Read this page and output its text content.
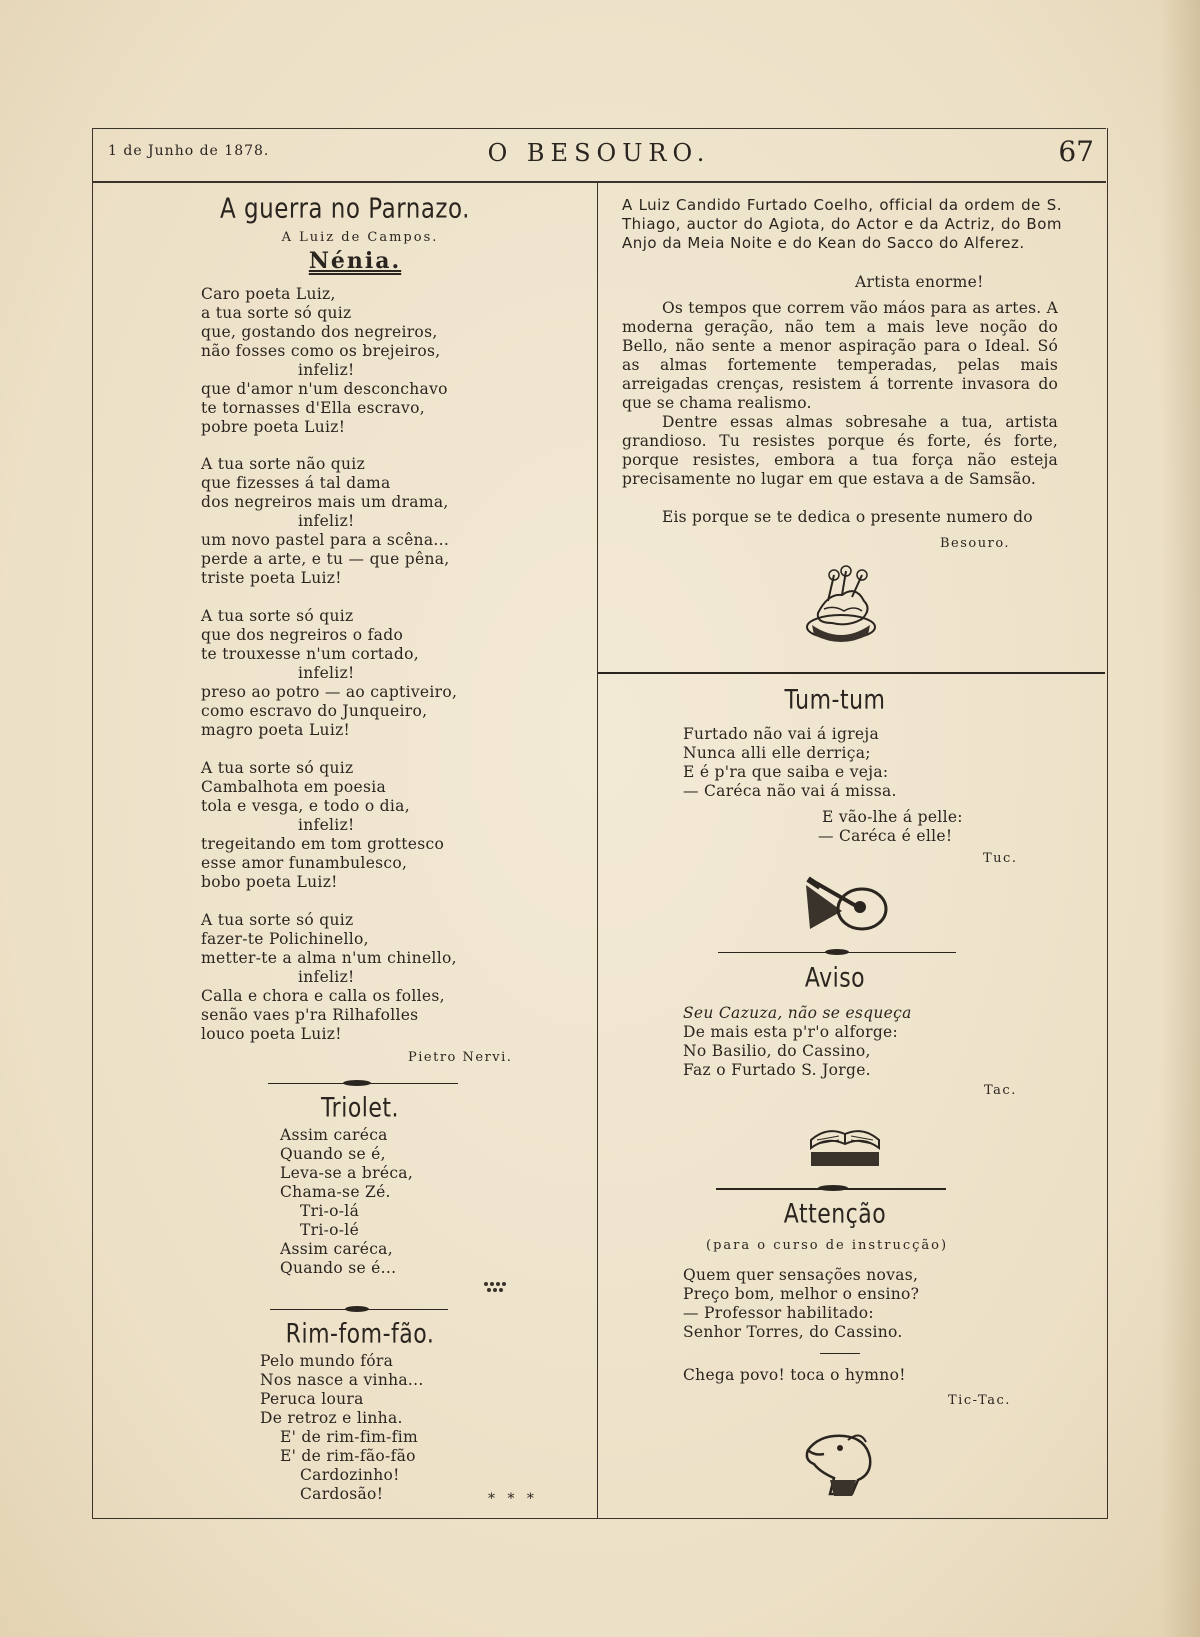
1 de Junho de 1878.	O BESOURO.	67
A guerra no Parnazo.
A Luiz de Campos.
Nénia.
Caro poeta Luiz,
a tua sorte só quiz
que, gostando dos negreiros,
não fosses como os brejeiros,
infeliz!
que d'amor n'um desconchavo
te tornasses d'Ella escravo,
pobre poeta Luiz!
A tua sorte não quiz
que fizesses á tal dama
dos negreiros mais um drama,
infeliz!
um novo pastel para a scêna...
perde a arte, e tu — que pêna,
triste poeta Luiz!
A tua sorte só quiz
que dos negreiros o fado
te trouxesse n'um cortado,
infeliz!
preso ao potro — ao captiveiro,
como escravo do Junqueiro,
magro poeta Luiz!
A tua sorte só quiz
Cambalhota em poesia
tola e vesga, e todo o dia,
infeliz!
tregeitando em tom grottesco
esse amor funambulesco,
bobo poeta Luiz!
A tua sorte só quiz
fazer-te Polichinello,
metter-te a alma n'um chinello,
infeliz!
Calla e chora e calla os folles,
senão vaes p'ra Rilhafolles
louco poeta Luiz!
Pietro Nervi.
Triolet.
Assim caréca
Quando se é,
Leva-se a bréca,
Chama-se Zé.
Tri-o-lá
Tri-o-lé
Assim caréca,
Quando se é...
Rim-fom-fão.
Pelo mundo fóra
Nos nasce a vinha...
Peruca loura
De retroz e linha.
E' de rim-fim-fim
E' de rim-fão-fão
Cardozinho!
Cardosão!	* * *
A Luiz Candido Furtado Coelho, official da ordem de S. Thiago, auctor do Agiota, do Actor e da Actriz, do Bom Anjo da Meia Noite e do Kean do Sacco do Alferez.
Artista enorme!
Os tempos que correm vão máos para as artes. A moderna geração, não tem a mais leve noção do Bello, não sente a menor aspiração para o Ideal. Só as almas fortemente temperadas, pelas mais arreigadas crenças, resistem á torrente invasora do que se chama realismo.
Dentre essas almas sobresahe a tua, artista grandioso. Tu resistes porque és forte, és forte, porque resistes, embora a tua força não esteja precisamente no lugar em que estava a de Samsão.
Eis porque se te dedica o presente numero do
Besouro.
Tum-tum
Furtado não vai á igreja
Nunca alli elle derriça;
E é p'ra que saiba e veja:
— Caréca não vai á missa.
E vão-lhe á pelle:
— Caréca é elle!
Tuc.
Aviso
Seu Cazuza, não se esqueça
De mais esta p'r'o alforge:
No Basilio, do Cassino,
Faz o Furtado S. Jorge.
Tac.
Attenção
(para o curso de instrucção)
Quem quer sensações novas,
Preço bom, melhor o ensino?
— Professor habilitado:
Senhor Torres, do Cassino.
Chega povo! toca o hymno!
Tic-Tac.
